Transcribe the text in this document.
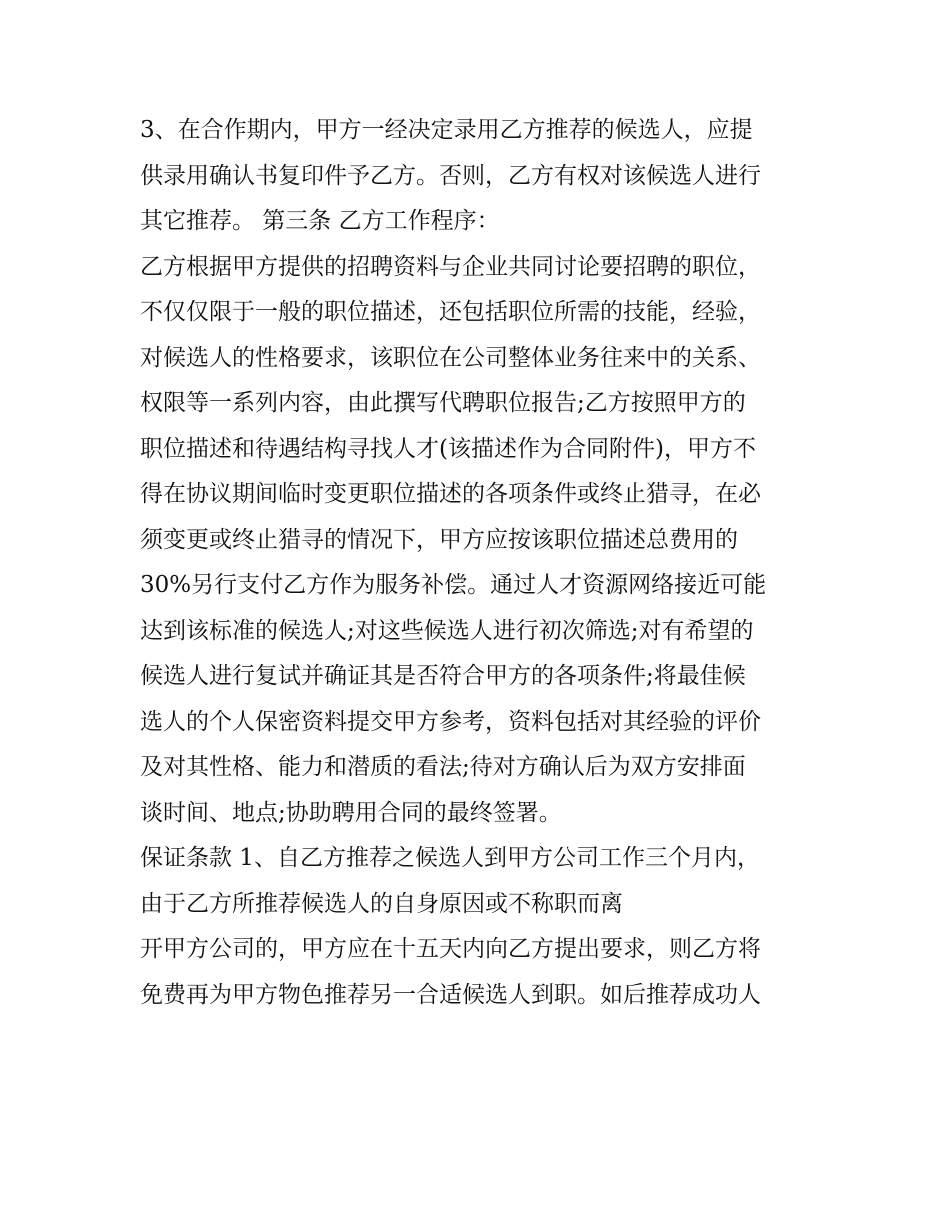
3、在合作期内，甲方一经决定录用乙方推荐的候选人，应提
供录用确认书复印件予乙方。否则，乙方有权对该候选人进行
其它推荐。 第三条 乙方工作程序：
乙方根据甲方提供的招聘资料与企业共同讨论要招聘的职位，
不仅仅限于一般的职位描述，还包括职位所需的技能，经验，
对候选人的性格要求，该职位在公司整体业务往来中的关系、
权限等一系列内容，由此撰写代聘职位报告;乙方按照甲方的
职位描述和待遇结构寻找人才(该描述作为合同附件)，甲方不
得在协议期间临时变更职位描述的各项条件或终止猎寻，在必
须变更或终止猎寻的情况下，甲方应按该职位描述总费用的
30%另行支付乙方作为服务补偿。通过人才资源网络接近可能
达到该标准的候选人;对这些候选人进行初次筛选;对有希望的
候选人进行复试并确证其是否符合甲方的各项条件;将最佳候
选人的个人保密资料提交甲方参考，资料包括对其经验的评价
及对其性格、能力和潜质的看法;待对方确认后为双方安排面
谈时间、地点;协助聘用合同的最终签署。
保证条款 1、自乙方推荐之候选人到甲方公司工作三个月内，
由于乙方所推荐候选人的自身原因或不称职而离
开甲方公司的，甲方应在十五天内向乙方提出要求，则乙方将
免费再为甲方物色推荐另一合适候选人到职。如后推荐成功人
